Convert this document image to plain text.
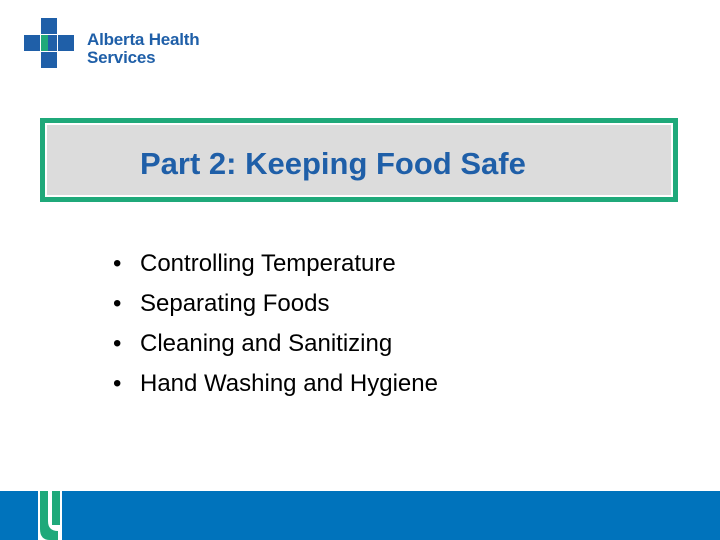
Alberta Health
Services
Part 2: Keeping Food Safe
• Controlling Temperature
• Separating Foods
• Cleaning and Sanitizing
• Hand Washing and Hygiene
